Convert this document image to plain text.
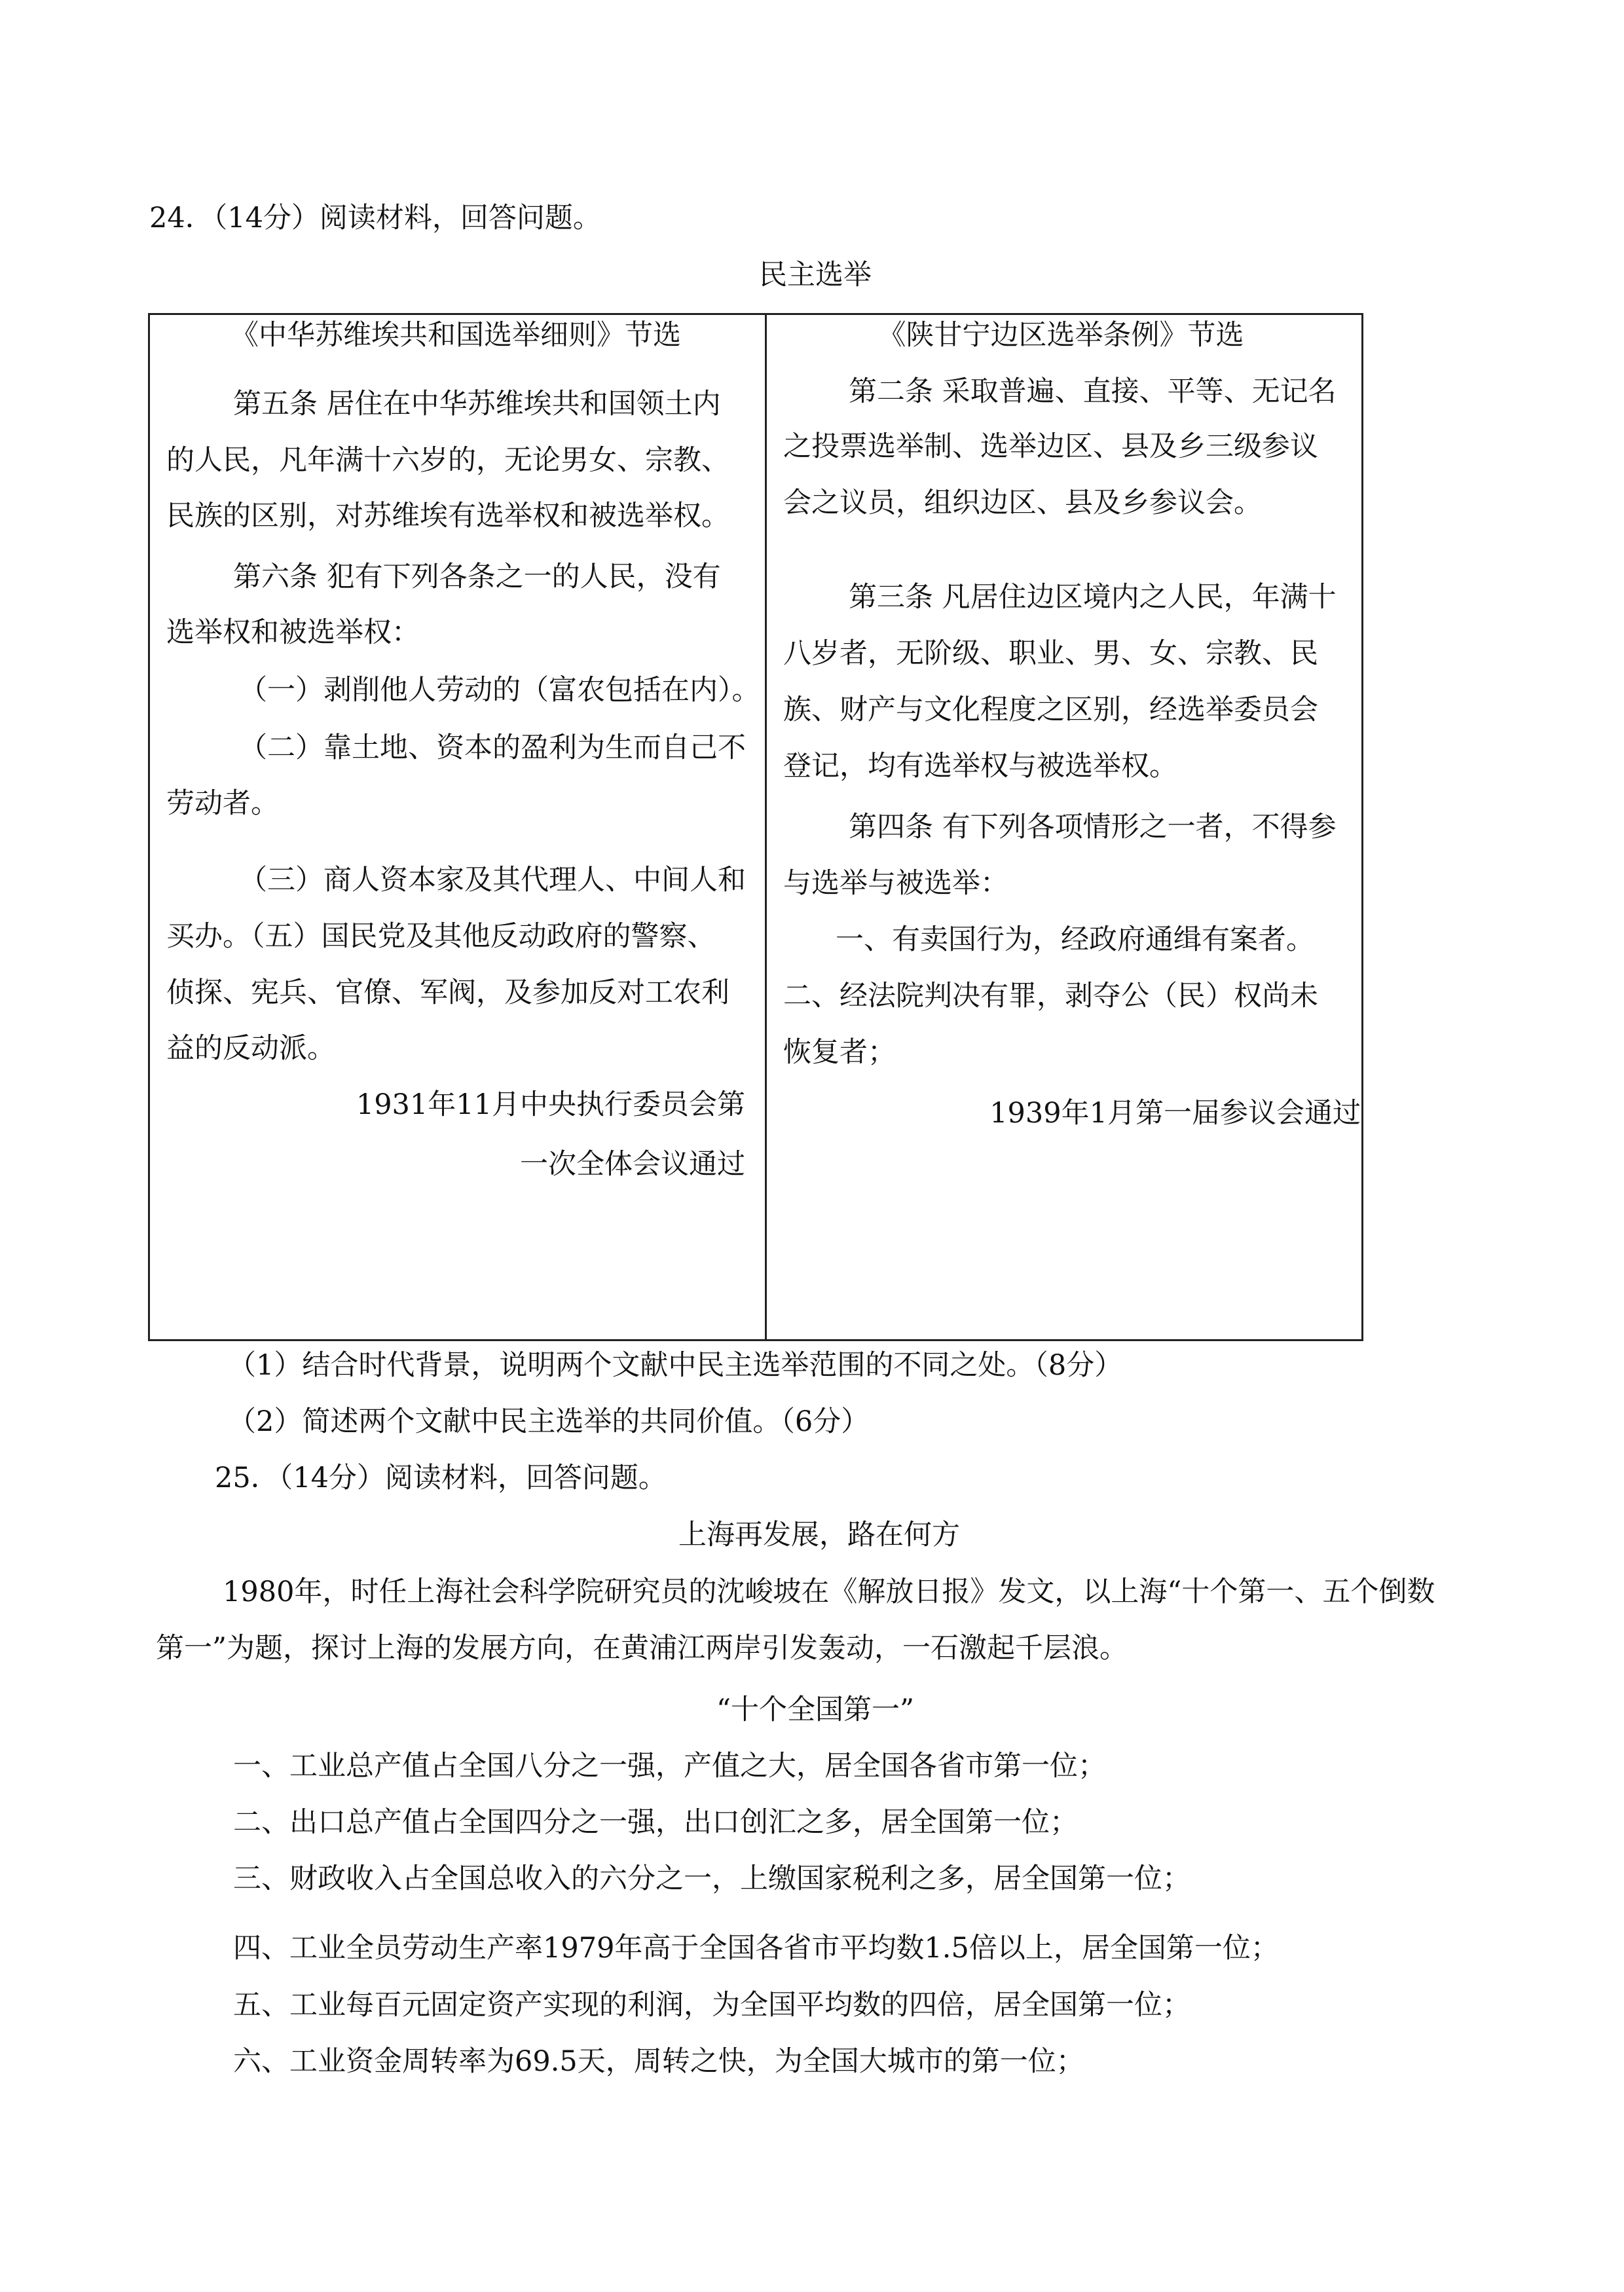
24．（14分）阅读材料，回答问题。
民主选举
《中华苏维埃共和国选举细则》节选
第五条 居住在中华苏维埃共和国领土内
的人民，凡年满十六岁的，无论男女、宗教、
民族的区别，对苏维埃有选举权和被选举权。
第六条 犯有下列各条之一的人民，没有
选举权和被选举权：
（一）剥削他人劳动的（富农包括在内）。
（二）靠土地、资本的盈利为生而自己不
劳动者。
（三）商人资本家及其代理人、中间人和
买办。（五）国民党及其他反动政府的警察、
侦探、宪兵、官僚、军阀，及参加反对工农利
益的反动派。
1931年11月中央执行委员会第
一次全体会议通过
《陕甘宁边区选举条例》节选
第二条 采取普遍、直接、平等、无记名
之投票选举制、选举边区、县及乡三级参议
会之议员，组织边区、县及乡参议会。
第三条 凡居住边区境内之人民，年满十
八岁者，无阶级、职业、男、女、宗教、民
族、财产与文化程度之区别，经选举委员会
登记，均有选举权与被选举权。
第四条 有下列各项情形之一者，不得参
与选举与被选举：
一、有卖国行为，经政府通缉有案者。
二、经法院判决有罪，剥夺公（民）权尚未
恢复者；
1939年1月第一届参议会通过
（1）结合时代背景，说明两个文献中民主选举范围的不同之处。（8分）
（2）简述两个文献中民主选举的共同价值。（6分）
25．（14分）阅读材料，回答问题。
上海再发展，路在何方
1980年，时任上海社会科学院研究员的沈峻坡在《解放日报》发文，以上海“十个第一、五个倒数
第一”为题，探讨上海的发展方向，在黄浦江两岸引发轰动，一石激起千层浪。
“十个全国第一”
一、工业总产值占全国八分之一强，产值之大，居全国各省市第一位；
二、出口总产值占全国四分之一强，出口创汇之多，居全国第一位；
三、财政收入占全国总收入的六分之一，上缴国家税利之多，居全国第一位；
四、工业全员劳动生产率1979年高于全国各省市平均数1.5倍以上，居全国第一位；
五、工业每百元固定资产实现的利润，为全国平均数的四倍，居全国第一位；
六、工业资金周转率为69.5天，周转之快，为全国大城市的第一位；
